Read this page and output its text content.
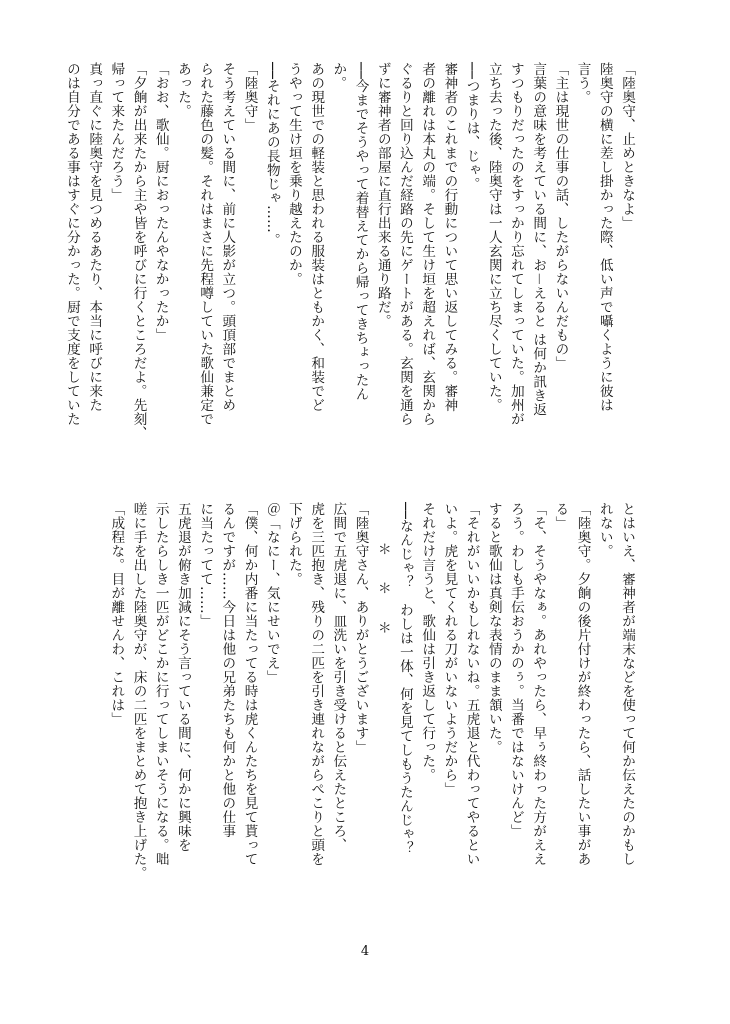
「陸奥守、止めときなよ」
陸奥守の横に差し掛かった際、低い声で囁くように彼は
言う。
「主は現世の仕事の話、したがらないんだもの」
言葉の意味を考えている間に、お－えると は何か訊き返
すつもりだったのをすっかり忘れてしまっていた。加州が
立ち去った後、陸奥守は一人玄関に立ち尽くしていた。
──つまりは、じゃ。
審神者のこれまでの行動について思い返してみる。審神
者の離れは本丸の端。そして生け垣を超えれば、玄関から
ぐるりと回り込んだ経路の先にゲートがある。玄関を通ら
ずに審神者の部屋に直行出来る通り路だ。
──今までそうやって着替えてから帰ってきちょったん
か。
あの現世での軽装と思われる服装はともかく、和装でど
うやって生け垣を乗り越えたのか。
──それにあの長物じゃ……。
「陸奥守」
そう考えている間に、前に人影が立つ。頭頂部でまとめ
られた藤色の髪。それはまさに先程噂していた歌仙兼定で
あった。
「おお、歌仙。厨におったんやなかったか」
「夕餉が出来たから主や皆を呼びに行くところだよ。先刻、
帰って来たんだろう」
真っ直ぐに陸奥守を見つめるあたり、本当に呼びに来た
のは自分である事はすぐに分かった。厨で支度をしていた
とはいえ、審神者が端末などを使って何か伝えたのかもし
れない。
「陸奥守。夕餉の後片付けが終わったら、話したい事があ
る」
「そ、そうやなぁ。あれやったら、早ぅ終わった方がええ
ろう。わしも手伝おうかのぅ。当番ではないけんど」
すると歌仙は真剣な表情のまま頷いた。
「それがいいかもしれないね。五虎退と代わってやるとい
いよ。虎を見てくれる刀がいないようだから」
それだけ言うと、歌仙は引き返して行った。
──なんじゃ？　わしは一体、何を見てしもうたんじゃ？
＊　＊　＊
「陸奥守さん、ありがとうございます」
広間で五虎退に、皿洗いを引き受けると伝えたところ、
虎を三匹抱き、残りの二匹を引き連れながらぺこりと頭を
下げられた。
＠「なにー、気にせいでえ」
「僕、何か内番に当たってる時は虎くんたちを見て貰って
るんですが……今日は他の兄弟たちも何かと他の仕事
に当たってて……」
五虎退が俯き加減にそう言っている間に、何かに興味を
示したらしき一匹がどこかに行ってしまいそうになる。咄
嗟に手を出した陸奥守が、床の二匹をまとめて抱き上げた。
「成程な。目が離せんわ、これは」
4
